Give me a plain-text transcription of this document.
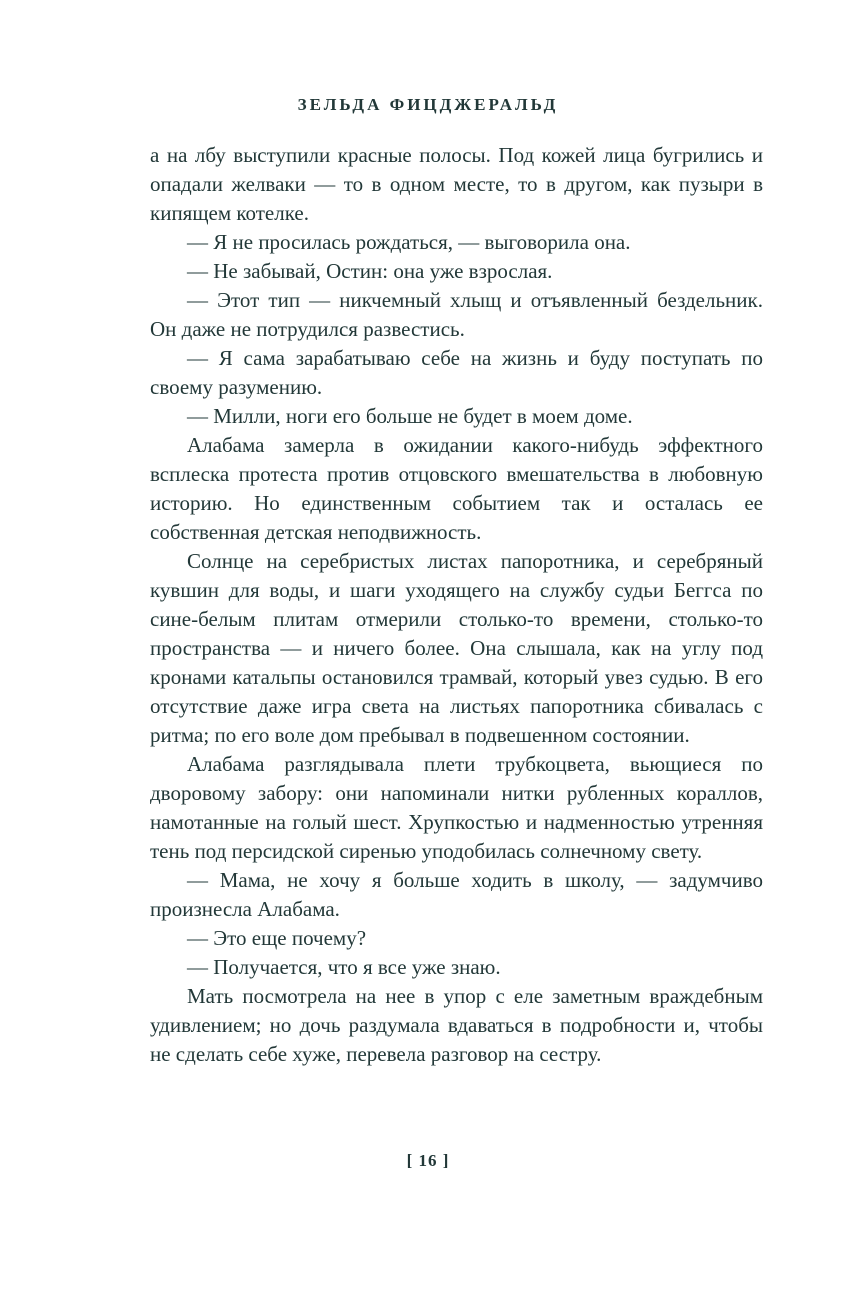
ЗЕЛЬДА ФИЦДЖЕРАЛЬД

а на лбу выступили красные полосы. Под кожей лица бугрились и опадали желваки — то в одном месте, то в другом, как пузыри в кипящем котелке.

— Я не просилась рождаться, — выговорила она.

— Не забывай, Остин: она уже взрослая.

— Этот тип — никчемный хлыщ и отъявленный бездельник. Он даже не потрудился развестись.

— Я сама зарабатываю себе на жизнь и буду поступать по своему разумению.

— Милли, ноги его больше не будет в моем доме.

Алабама замерла в ожидании какого-нибудь эффектного всплеска протеста против отцовского вмешательства в любовную историю. Но единственным событием так и осталась ее собственная детская неподвижность.

Солнце на серебристых листах папоротника, и серебряный кувшин для воды, и шаги уходящего на службу судьи Беггса по сине-белым плитам отмерили столько-то времени, столько-то пространства — и ничего более. Она слышала, как на углу под кронами катальпы остановился трамвай, который увез судью. В его отсутствие даже игра света на листьях папоротника сбивалась с ритма; по его воле дом пребывал в подвешенном состоянии.

Алабама разглядывала плети трубкоцвета, вьющиеся по дворовому забору: они напоминали нитки рубленных кораллов, намотанные на голый шест. Хрупкостью и надменностью утренняя тень под персидской сиренью уподобилась солнечному свету.

— Мама, не хочу я больше ходить в школу, — задумчиво произнесла Алабама.

— Это еще почему?

— Получается, что я все уже знаю.

Мать посмотрела на нее в упор с еле заметным враждебным удивлением; но дочь раздумала вдаваться в подробности и, чтобы не сделать себе хуже, перевела разговор на сестру.

[ 16 ]
